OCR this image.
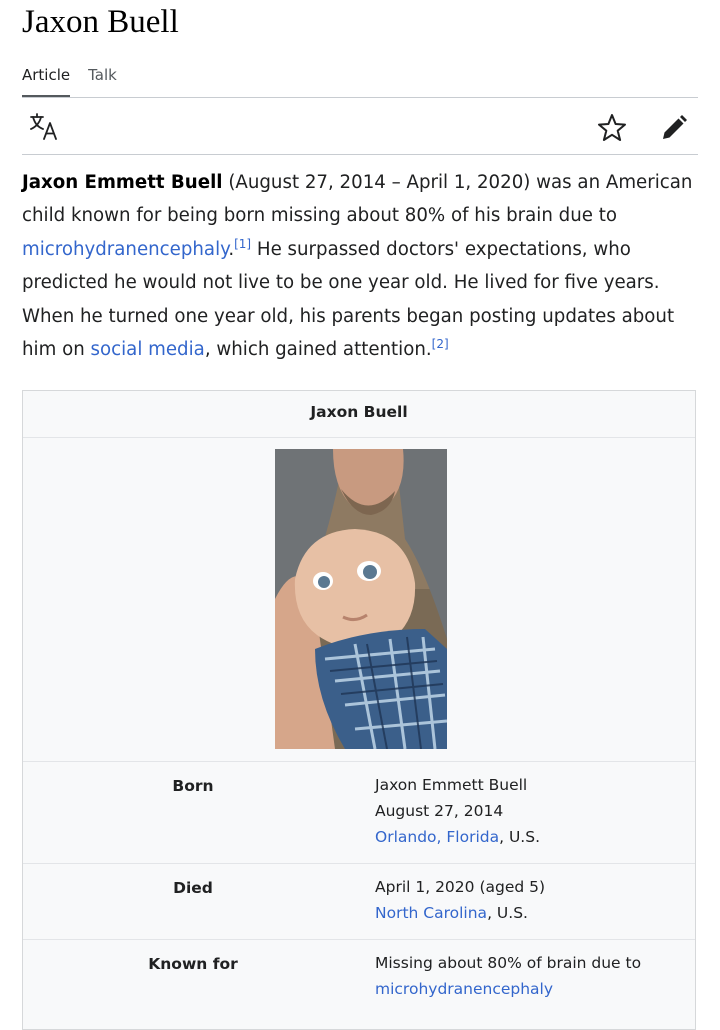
Jaxon Buell
Article Talk

Jaxon Emmett Buell (August 27, 2014 – April 1, 2020) was an American child known for being born missing about 80% of his brain due to microhydranencephaly.[1] He surpassed doctors' expectations, who predicted he would not live to be one year old. He lived for five years. When he turned one year old, his parents began posting updates about him on social media, which gained attention.[2]

Jaxon Buell
Born	Jaxon Emmett Buell
August 27, 2014
Orlando, Florida, U.S.
Died	April 1, 2020 (aged 5)
North Carolina, U.S.
Known for	Missing about 80% of brain due to
microhydranencephaly
